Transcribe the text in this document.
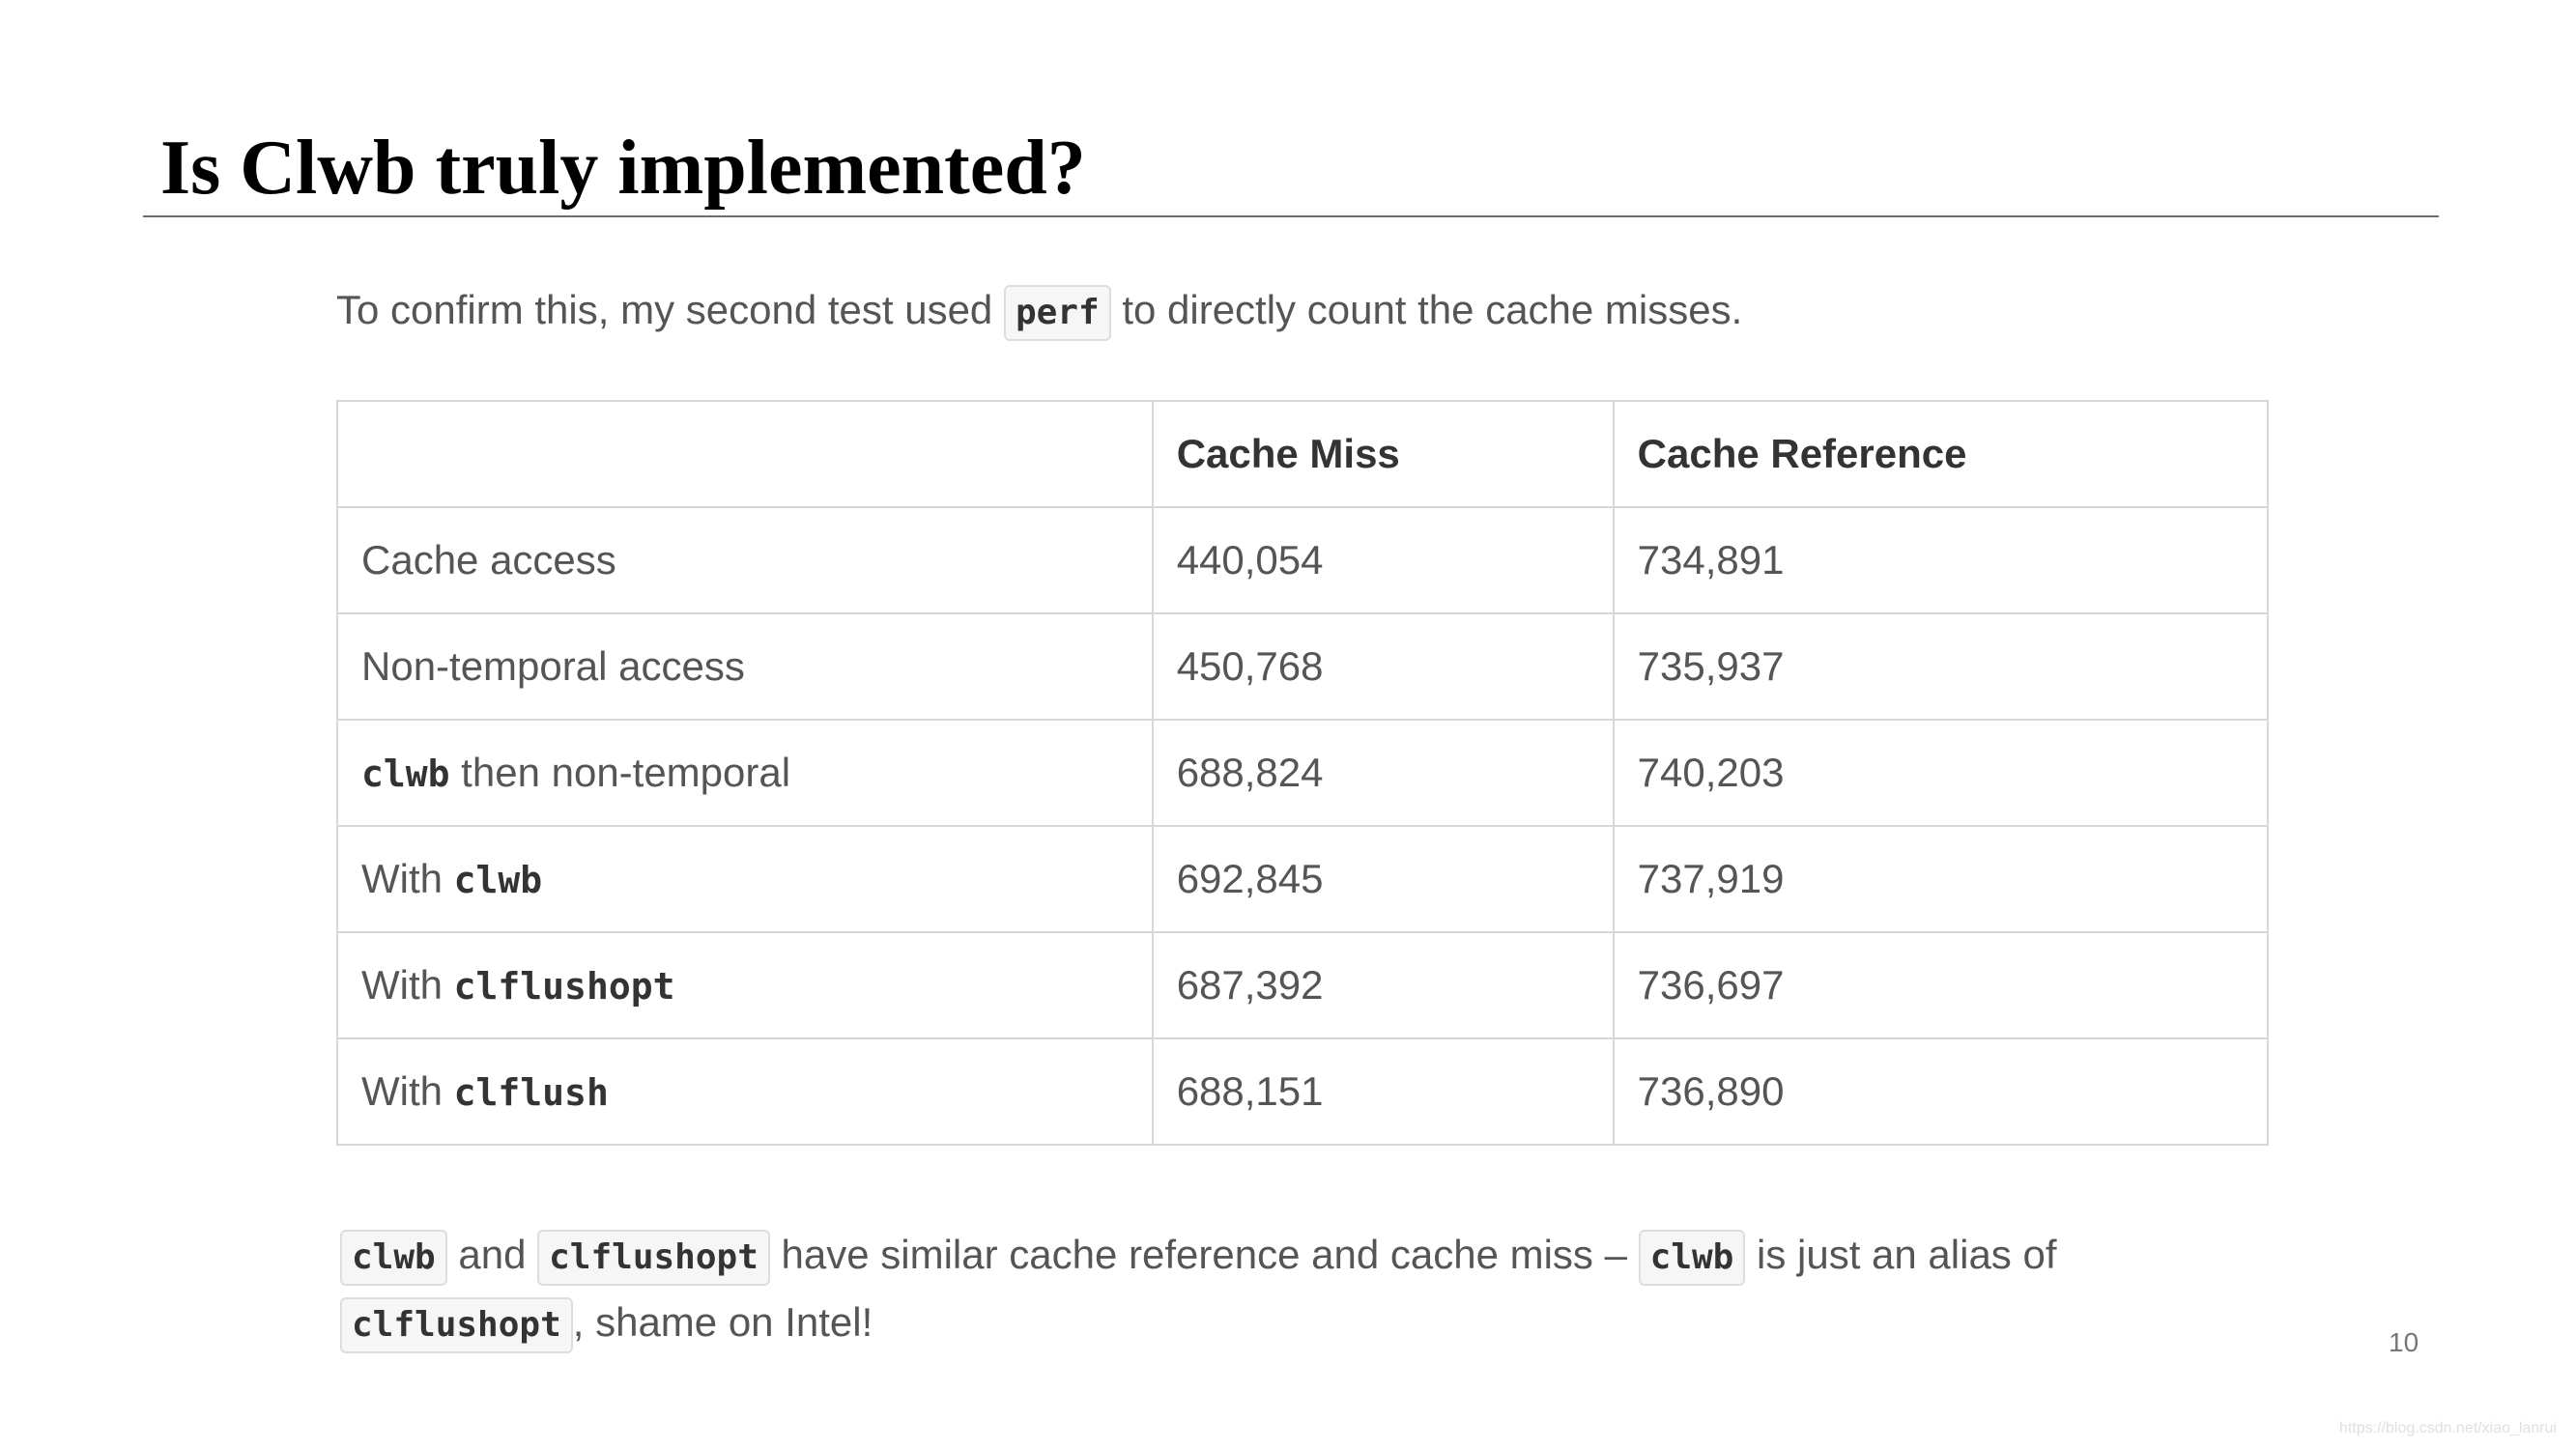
Is Clwb truly implemented?

To confirm this, my second test used perf to directly count the cache misses.

	Cache Miss	Cache Reference
Cache access	440,054	734,891
Non-temporal access	450,768	735,937
clwb then non-temporal	688,824	740,203
With clwb	692,845	737,919
With clflushopt	687,392	736,697
With clflush	688,151	736,890

clwb and clflushopt have similar cache reference and cache miss – clwb is just an alias of
clflushopt , shame on Intel!	10
https://blog.csdn.net/xiao_lanrui
